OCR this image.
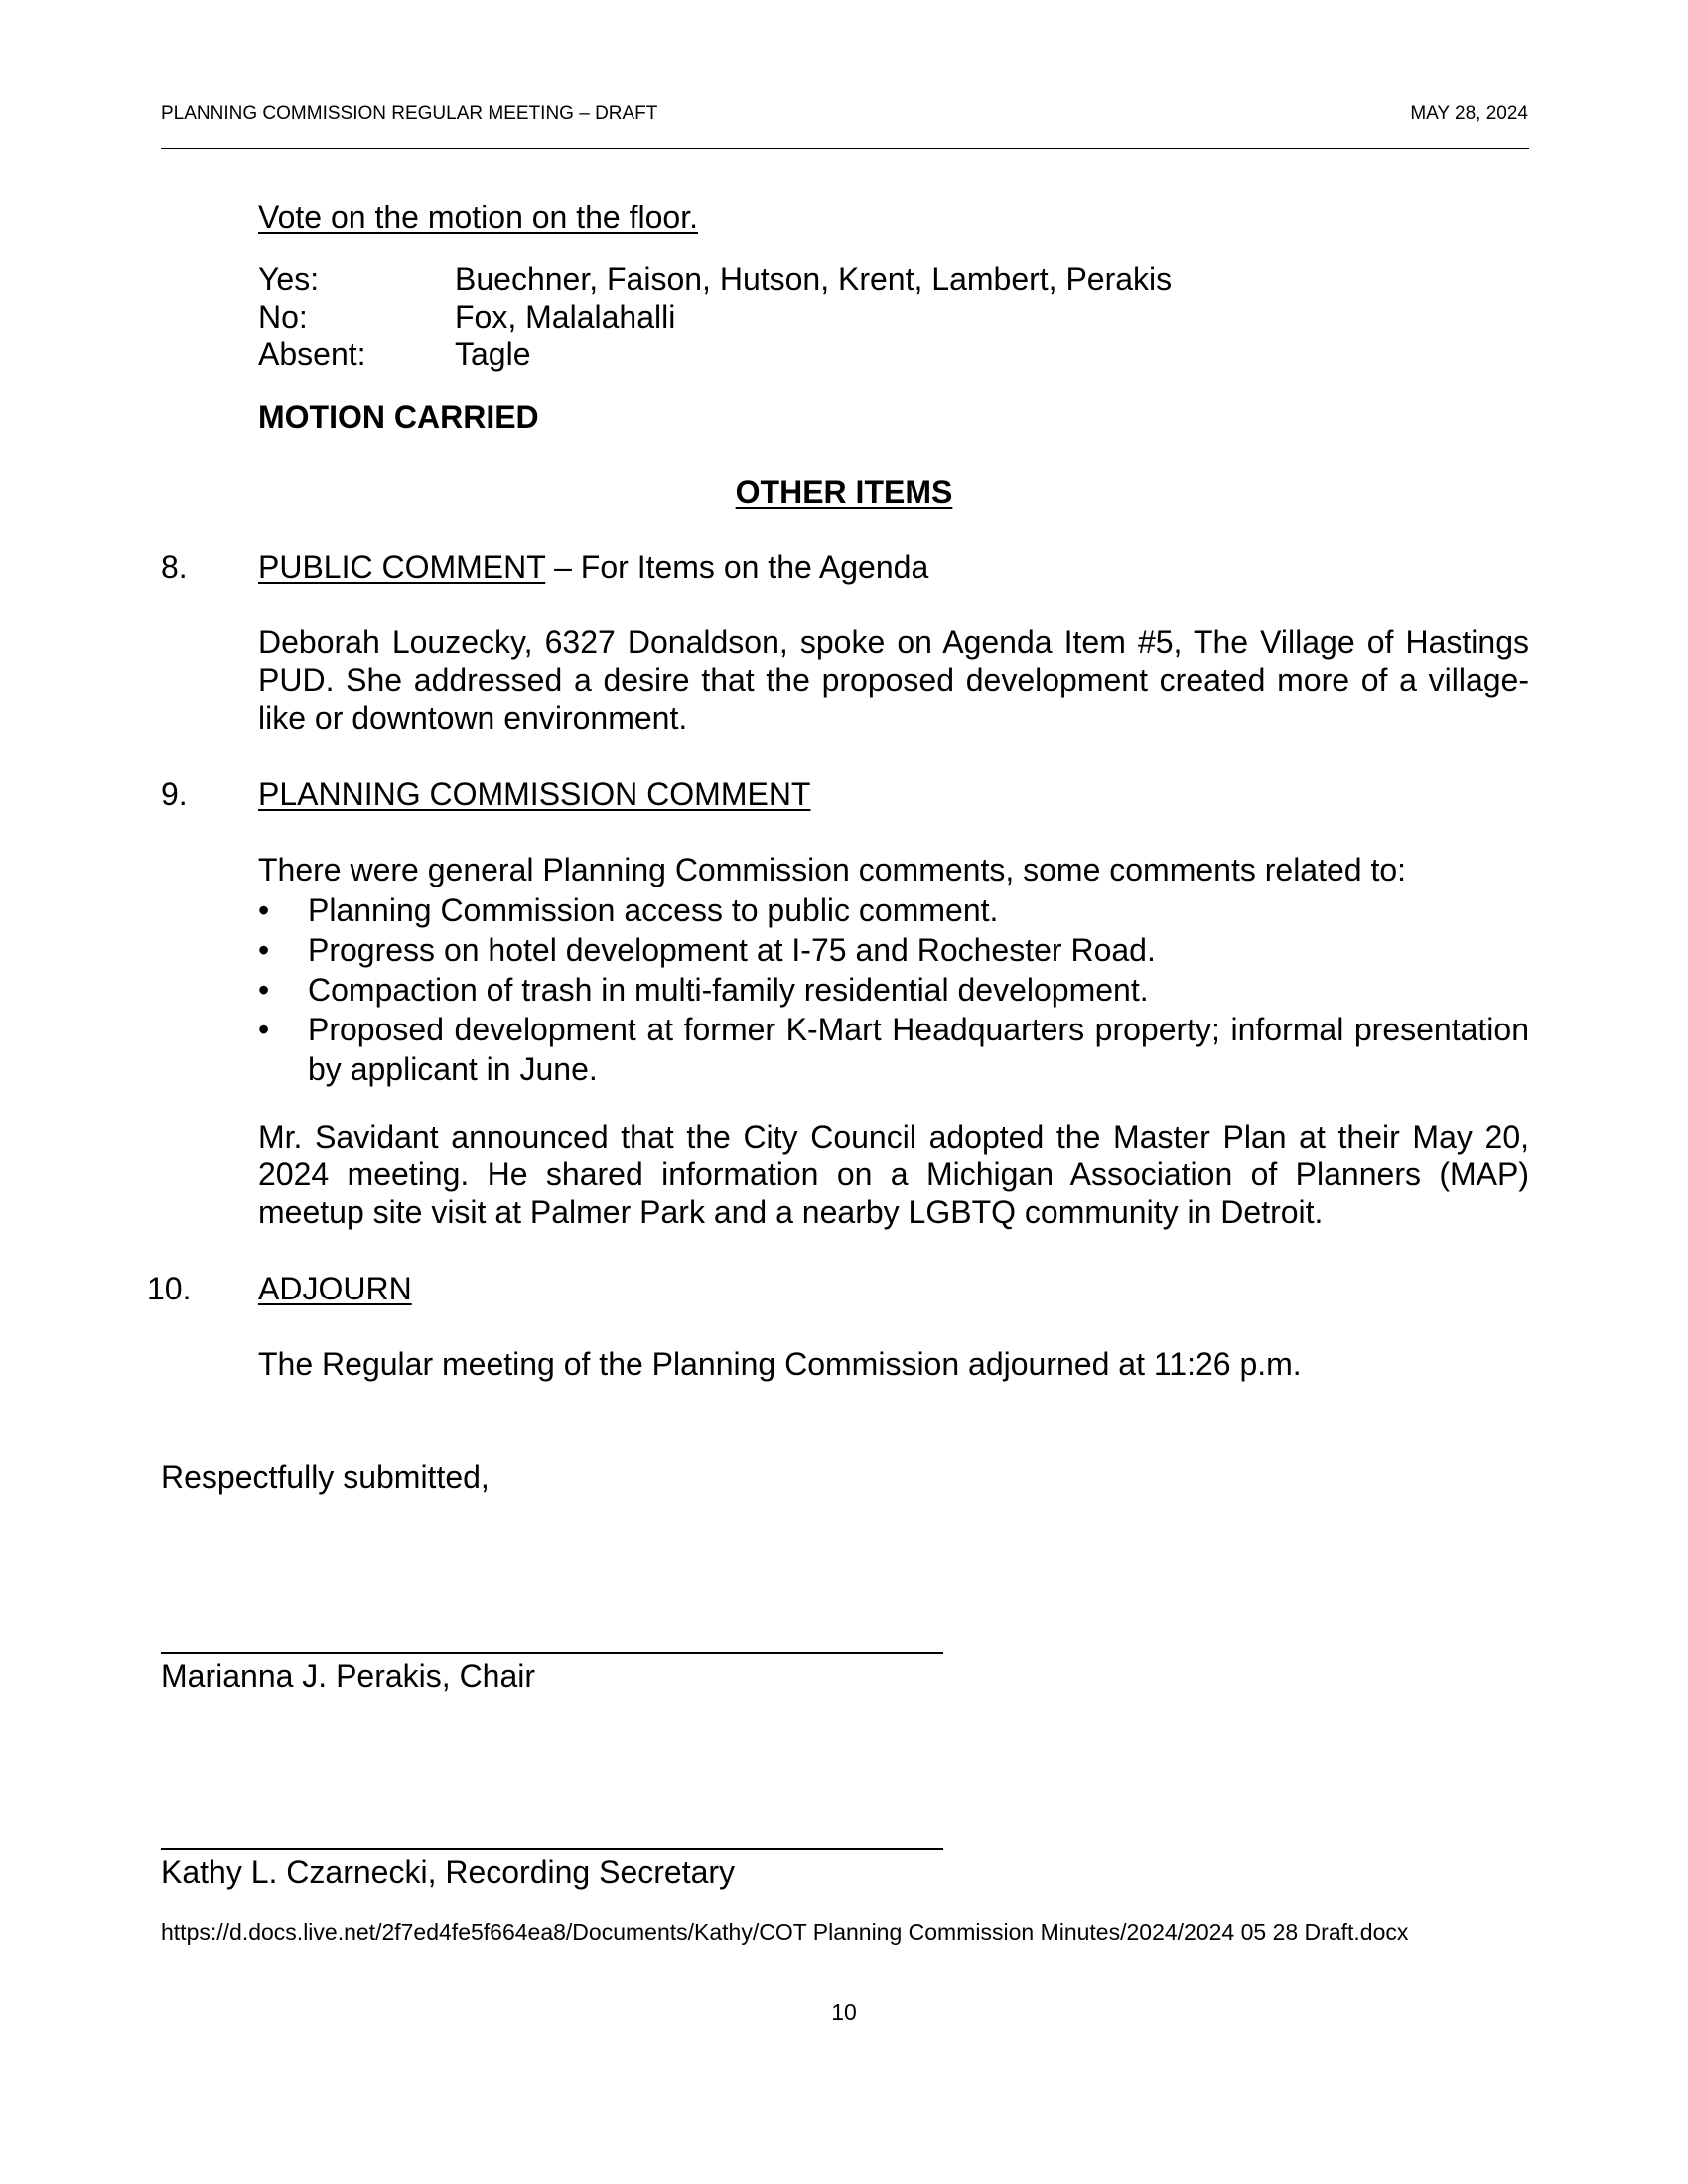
PLANNING COMMISSION REGULAR MEETING – DRAFT	MAY 28, 2024
Vote on the motion on the floor.
Yes:	Buechner, Faison, Hutson, Krent, Lambert, Perakis
No:	Fox, Malalahalli
Absent:	Tagle
MOTION CARRIED
OTHER ITEMS
8. PUBLIC COMMENT – For Items on the Agenda
Deborah Louzecky, 6327 Donaldson, spoke on Agenda Item #5, The Village of Hastings PUD. She addressed a desire that the proposed development created more of a village-like or downtown environment.
9. PLANNING COMMISSION COMMENT
There were general Planning Commission comments, some comments related to:
• Planning Commission access to public comment.
• Progress on hotel development at I-75 and Rochester Road.
• Compaction of trash in multi-family residential development.
• Proposed development at former K-Mart Headquarters property; informal presentation by applicant in June.
Mr. Savidant announced that the City Council adopted the Master Plan at their May 20, 2024 meeting. He shared information on a Michigan Association of Planners (MAP) meetup site visit at Palmer Park and a nearby LGBTQ community in Detroit.
10. ADJOURN
The Regular meeting of the Planning Commission adjourned at 11:26 p.m.
Respectfully submitted,
Marianna J. Perakis, Chair
Kathy L. Czarnecki, Recording Secretary
https://d.docs.live.net/2f7ed4fe5f664ea8/Documents/Kathy/COT Planning Commission Minutes/2024/2024 05 28 Draft.docx
10
